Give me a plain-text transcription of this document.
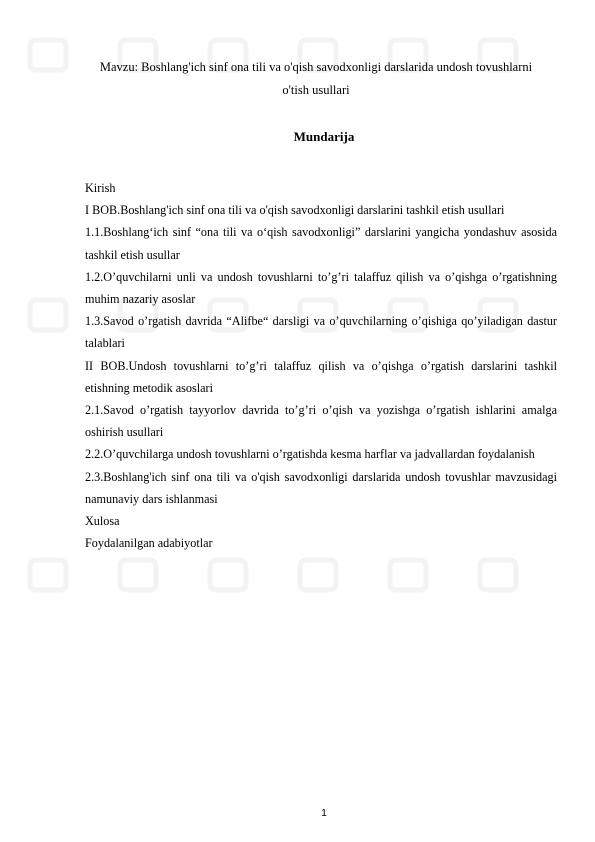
Mavzu: Boshlang'ich sinf ona tili va o'qish savodxonligi darslarida undosh tovushlarni o'tish usullari
Mundarija
Kirish
I BOB.Boshlang'ich sinf ona tili va o'qish savodxonligi darslarini tashkil etish usullari
1.1.Boshlang‘ich sinf “ona tili va o‘qish savodxonligi” darslarini yangicha yondashuv asosida tashkil etish usullar
1.2.O’quvchilarni unli va undosh tovushlarni to’g’ri talaffuz qilish va o’qishga o’rgatishning muhim nazariy asoslar
1.3.Savod o’rgatish davrida “Alifbe“ darsligi va o’quvchilarning o’qishiga qo’yiladigan dastur talablari
II BOB.Undosh tovushlarni to’g’ri talaffuz qilish va o’qishga o’rgatish darslarini tashkil etishning metodik asoslari
2.1.Savod o’rgatish tayyorlov davrida to’g’ri o’qish va yozishga o’rgatish ishlarini amalga oshirish usullari
2.2.O’quvchilarga undosh tovushlarni o’rgatishda kesma harflar va jadvallardan foydalanish
2.3.Boshlang'ich sinf ona tili va o'qish savodxonligi darslarida undosh tovushlar mavzusidagi namunaviy dars ishlanmasi
Xulosa
Foydalanilgan adabiyotlar
1
